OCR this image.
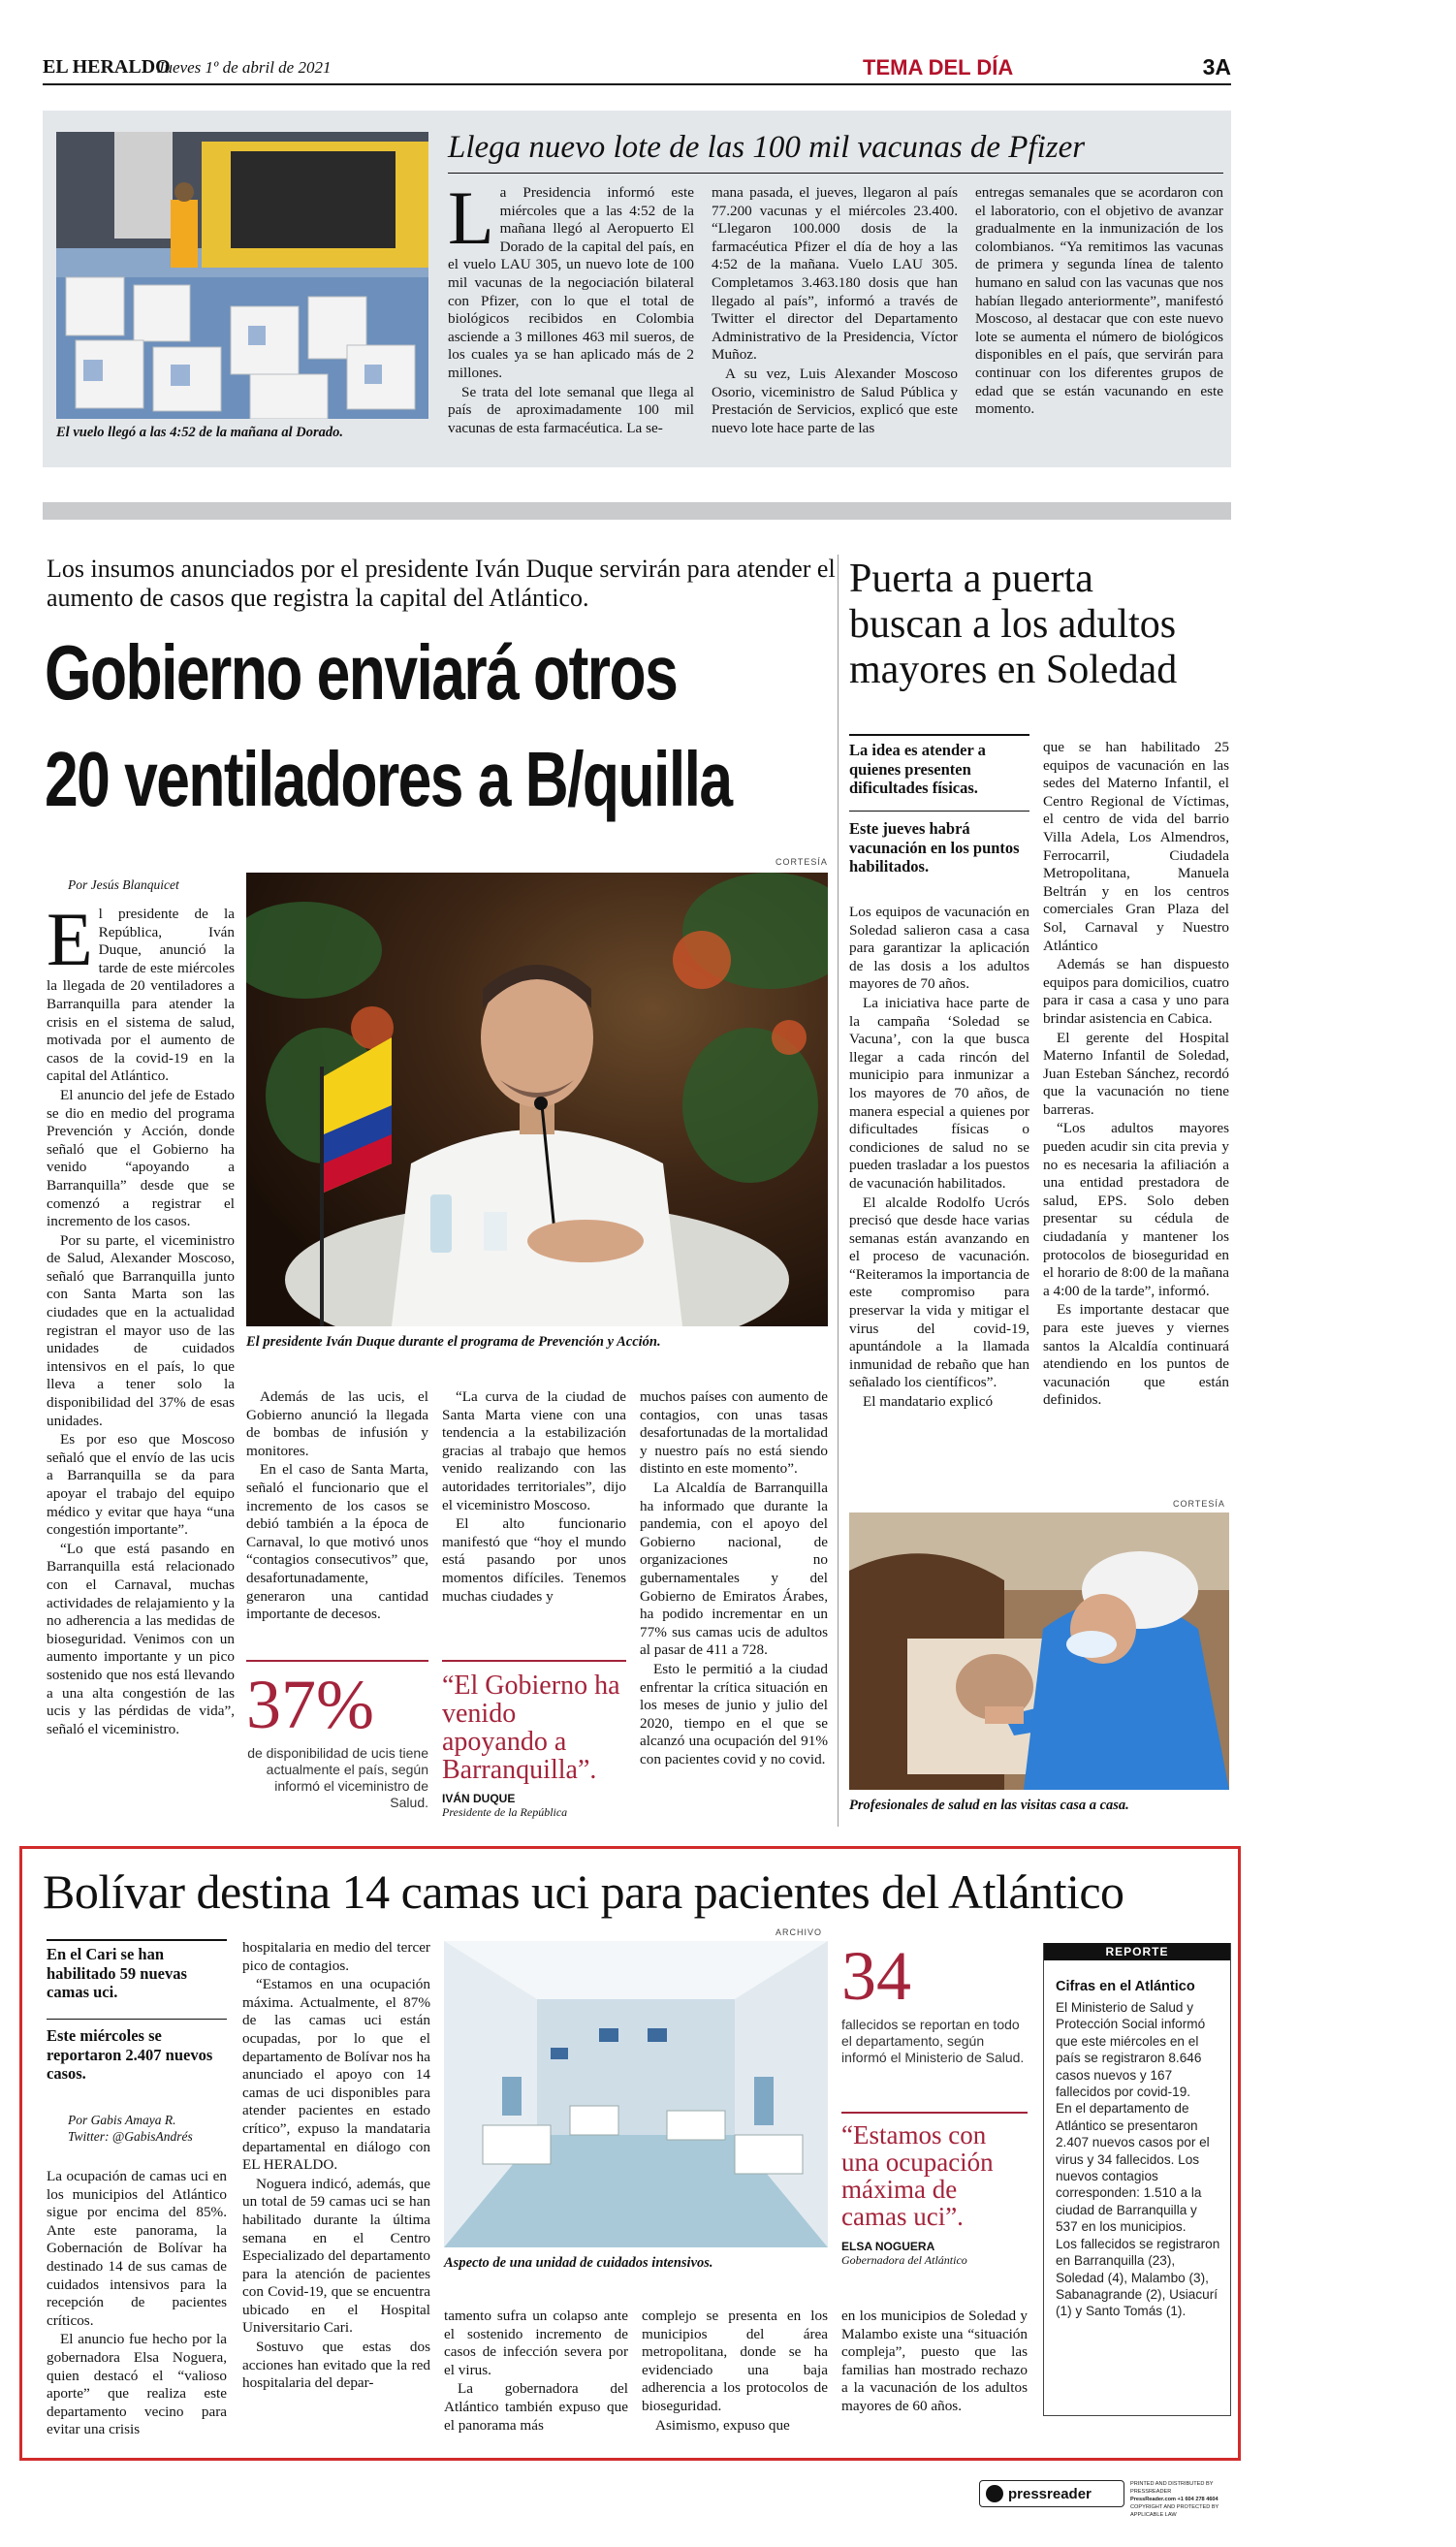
EL HERALDO
Jueves 1º de abril de 2021	TEMA DEL DÍA	3A
El vuelo llegó a las 4:52 de la mañana al Dorado.
Llega nuevo lote de las 100 mil vacunas de Pfizer

La Presidencia informó este miércoles que a las 4:52 de la mañana llegó al Aeropuerto El Dorado de la capital del país, en el vuelo LAU 305, un nuevo lote de 100 mil vacunas de la negociación bilateral con Pfizer, con lo que el total de biológicos recibidos en Colombia asciende a 3 millones 463 mil sueros, de los cuales ya se han aplicado más de 2 millones.

Se trata del lote semanal que llega al país de aproximadamente 100 mil vacunas de esta farmacéutica. La se-

mana pasada, el jueves, llegaron al país 77.200 vacunas y el miércoles 23.400. “Llegaron 100.000 dosis de la farmacéutica Pfizer el día de hoy a las 4:52 de la mañana. Vuelo LAU 305. Completamos 3.463.180 dosis que han llegado al país”, informó a través de Twitter el director del Departamento Administrativo de la Presidencia, Víctor Muñoz.

A su vez, Luis Alexander Moscoso Osorio, viceministro de Salud Pública y Prestación de Servicios, explicó que este nuevo lote hace parte de las

entregas semanales que se acordaron con el laboratorio, con el objetivo de avanzar gradualmente en la inmunización de los colombianos. “Ya remitimos las vacunas de primera y segunda línea de talento humano en salud con las vacunas que nos habían llegado anteriormente”, manifestó Moscoso, al destacar que con este nuevo lote se aumenta el número de biológicos disponibles en el país, que servirán para continuar con los diferentes grupos de edad que se están vacunando en este momento.

Los insumos anunciados por el presidente Iván Duque servirán para atender el aumento de casos que registra la capital del Atlántico.
Gobierno enviará otros
20 ventiladores a B/quilla
CORTESÍA
Por Jesús Blanquicet
El presidente Iván Duque durante el programa de Prevención y Acción.

El presidente de la República, Iván Duque, anunció la tarde de este miércoles la llegada de 20 ventiladores a Barranquilla para atender la crisis en el sistema de salud, motivada por el aumento de casos de la covid-19 en la capital del Atlántico.

El anuncio del jefe de Estado se dio en medio del programa Prevención y Acción, donde señaló que el Gobierno ha venido “apoyando a Barranquilla” desde que se comenzó a registrar el incremento de los casos.

Por su parte, el viceministro de Salud, Alexander Moscoso, señaló que Barranquilla junto con Santa Marta son las ciudades que en la actualidad registran el mayor uso de las unidades de cuidados intensivos en el país, lo que lleva a tener solo la disponibilidad del 37% de esas unidades.

Es por eso que Moscoso señaló que el envío de las ucis a Barranquilla se da para apoyar el trabajo del equipo médico y evitar que haya “una congestión importante”.

“Lo que está pasando en Barranquilla está relacionado con el Carnaval, muchas actividades de relajamiento y la no adherencia a las medidas de bioseguridad. Venimos con un aumento importante y un pico sostenido que nos está llevando a una alta congestión de las ucis y las pérdidas de vida”, señaló el viceministro.

Además de las ucis, el Gobierno anunció la llegada de bombas de infusión y monitores.

En el caso de Santa Marta, señaló el funcionario que el incremento de los casos se debió también a la época de Carnaval, lo que motivó unos “contagios consecutivos” que, desafortunadamente, generaron una cantidad importante de decesos.

“La curva de la ciudad de Santa Marta viene con una tendencia a la estabilización gracias al trabajo que hemos venido realizando con las autoridades territoriales”, dijo el viceministro Moscoso.

El alto funcionario manifestó que “hoy el mundo está pasando por unos momentos difíciles. Tenemos muchas ciudades y

muchos países con aumento de contagios, con unas tasas desafortunadas de la mortalidad y nuestro país no está siendo distinto en este momento”.

La Alcaldía de Barranquilla ha informado que durante la pandemia, con el apoyo del Gobierno nacional, de organizaciones no gubernamentales y del Gobierno de Emiratos Árabes, ha podido incrementar en un 77% sus camas ucis de adultos al pasar de 411 a 728.

Esto le permitió a la ciudad enfrentar la crítica situación en los meses de junio y julio del 2020, tiempo en el que se alcanzó una ocupación del 91% con pacientes covid y no covid.

37%
de disponibilidad de ucis tiene actualmente el país, según informó el viceministro de Salud.
“El Gobierno ha venido apoyando a Barranquilla”.
IVÁN DUQUE
Presidente de la República
Puerta a puerta
buscan a los adultos
mayores en Soledad
La idea es atender a quienes presenten dificultades físicas.
Este jueves habrá vacunación en los puntos habilitados.

Los equipos de vacunación en Soledad salieron casa a casa para garantizar la aplicación de las dosis a los adultos mayores de 70 años.

La iniciativa hace parte de la campaña ‘Soledad se Vacuna’, con la que busca llegar a cada rincón del municipio para inmunizar a los mayores de 70 años, de manera especial a quienes por dificultades físicas o condiciones de salud no se pueden trasladar a los puestos de vacunación habilitados.

El alcalde Rodolfo Ucrós precisó que desde hace varias semanas están avanzando en el proceso de vacunación. “Reiteramos la importancia de este compromiso para preservar la vida y mitigar el virus del covid-19, apuntándole a la llamada inmunidad de rebaño que han señalado los científicos”.

El mandatario explicó

que se han habilitado 25 equipos de vacunación en las sedes del Materno Infantil, el Centro Regional de Víctimas, el centro de vida del barrio Villa Adela, Los Almendros, Ferrocarril, Ciudadela Metropolitana, Manuela Beltrán y en los centros comerciales Gran Plaza del Sol, Carnaval y Nuestro Atlántico

Además se han dispuesto equipos para domicilios, cuatro para ir casa a casa y uno para brindar asistencia en Cabica.

El gerente del Hospital Materno Infantil de Soledad, Juan Esteban Sánchez, recordó que la vacunación no tiene barreras.

“Los adultos mayores pueden acudir sin cita previa y no es necesaria la afiliación a una entidad prestadora de salud, EPS. Solo deben presentar su cédula de ciudadanía y mantener los protocolos de bioseguridad en el horario de 8:00 de la mañana a 4:00 de la tarde”, informó.

Es importante destacar que para este jueves y viernes santos la Alcaldía continuará atendiendo en los puntos de vacunación que están definidos.

CORTESÍA
Profesionales de salud en las visitas casa a casa.
Bolívar destina 14 camas uci para pacientes del Atlántico
En el Cari se han habilitado 59 nuevas camas uci.
Este miércoles se reportaron 2.407 nuevos casos.
Por Gabis Amaya R.
Twitter: @GabisAndrés

La ocupación de camas uci en los municipios del Atlántico sigue por encima del 85%. Ante este panorama, la Gobernación de Bolívar ha destinado 14 de sus camas de cuidados intensivos para la recepción de pacientes críticos.

El anuncio fue hecho por la gobernadora Elsa Noguera, quien destacó el “valioso aporte” que realiza este departamento vecino para evitar una crisis

hospitalaria en medio del tercer pico de contagios.

“Estamos en una ocupación máxima. Actualmente, el 87% de las camas uci están ocupadas, por lo que el departamento de Bolívar nos ha anunciado el apoyo con 14 camas de uci disponibles para atender pacientes en estado crítico”, expuso la mandataria departamental en diálogo con EL HERALDO.

Noguera indicó, además, que un total de 59 camas uci se han habilitado durante la última semana en el Centro Especializado del departamento para la atención de pacientes con Covid-19, que se encuentra ubicado en el Hospital Universitario Cari.

Sostuvo que estas dos acciones han evitado que la red hospitalaria del depar-

ARCHIVO
Aspecto de una unidad de cuidados intensivos.

tamento sufra un colapso ante el sostenido incremento de casos de infección severa por el virus.

La gobernadora del Atlántico también expuso que el panorama más

complejo se presenta en los municipios del área metropolitana, donde se ha evidenciado una baja adherencia a los protocolos de bioseguridad.

Asimismo, expuso que

34
fallecidos se reportan en todo el departamento, según informó el Ministerio de Salud.
“Estamos con una ocupación máxima de camas uci”.
ELSA NOGUERA
Gobernadora del Atlántico

en los municipios de Soledad y Malambo existe una “situación compleja”, puesto que las familias han mostrado rechazo a la vacunación de los adultos mayores de 60 años.

REPORTE
Cifras en el Atlántico

El Ministerio de Salud y Protección Social informó que este miércoles en el país se registraron 8.646 casos nuevos y 167 fallecidos por covid-19.

En el departamento de Atlántico se presentaron 2.407 nuevos casos por el virus y 34 fallecidos. Los nuevos contagios corresponden: 1.510 a la ciudad de Barranquilla y 537 en los municipios.

Los fallecidos se registraron en Barranquilla (23), Soledad (4), Malambo (3), Sabanagrande (2), Usiacurí (1) y Santo Tomás (1).

pressreader
PRINTED AND DISTRIBUTED BY PRESSREADER
PressReader.com +1 604 278 4604
COPYRIGHT AND PROTECTED BY APPLICABLE LAW
